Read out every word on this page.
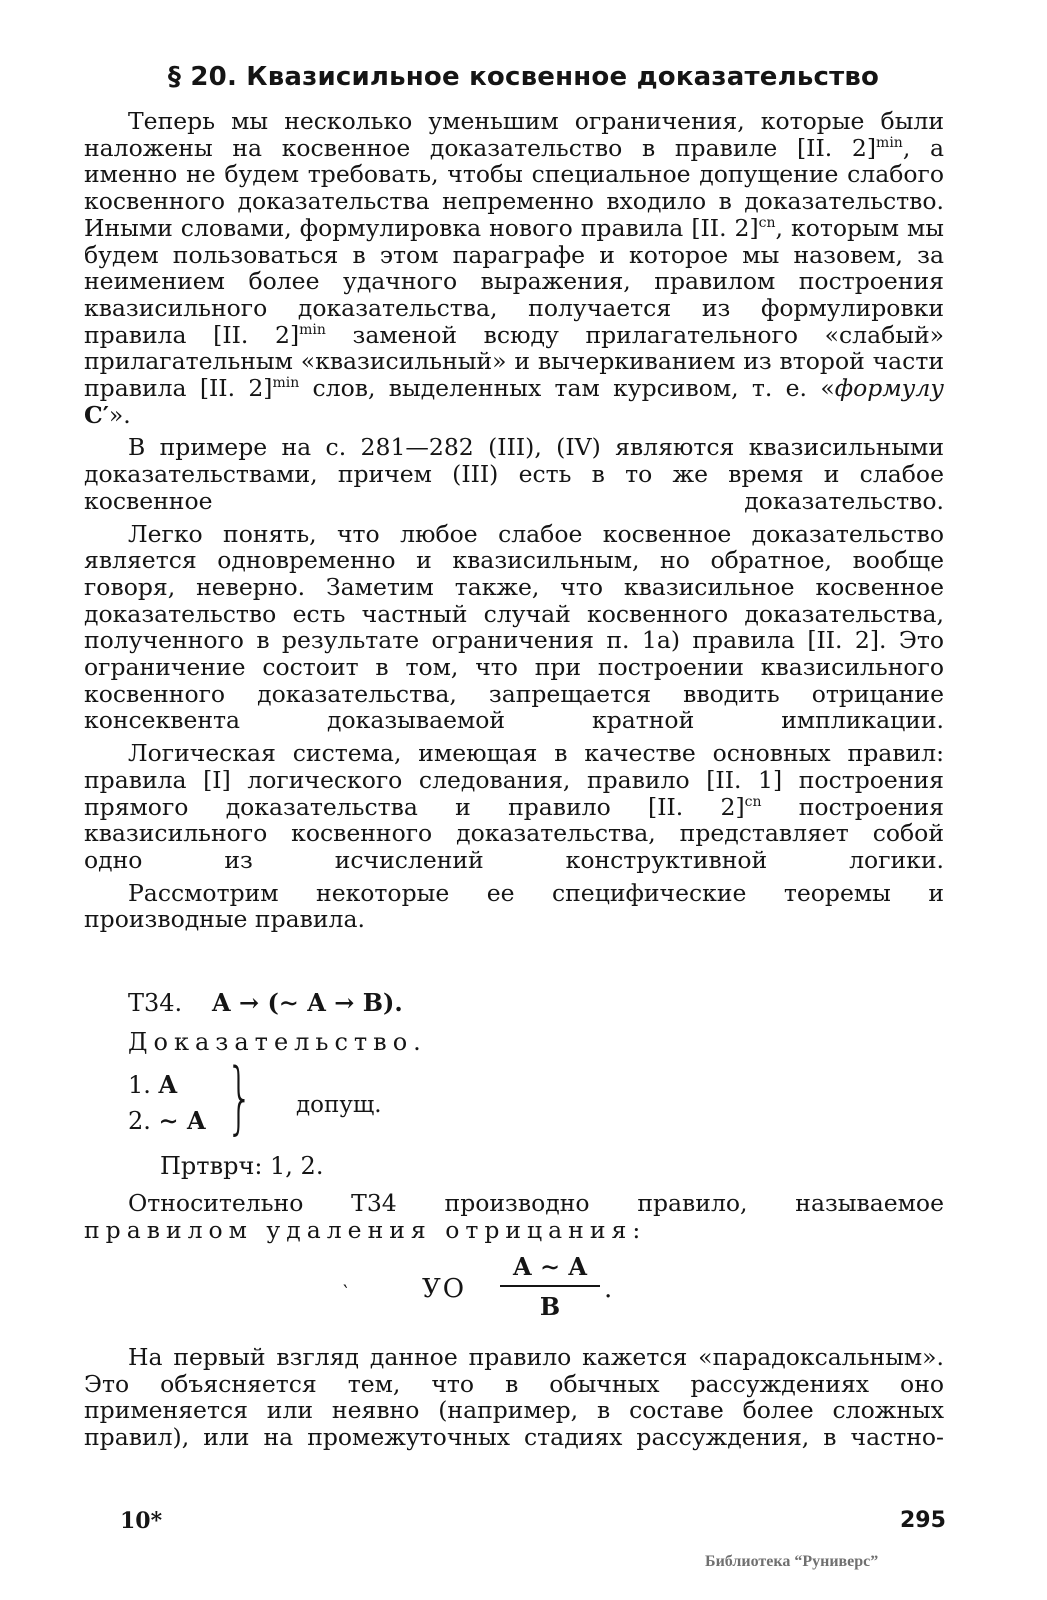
§ 20. Квазисильное косвенное доказательство

Теперь мы несколько уменьшим ограничения, которые были наложены на косвенное доказательство в правиле [II. 2]$^{min}$, а именно не будем требовать, чтобы специальное допущение слабого косвенного доказательства непременно входило в доказательство. Иными словами, формулировка нового правила [II. 2]$^{cn}$, которым мы будем пользоваться в этом параграфе и которое мы назовем, за неимением более удачного выражения, правилом построения квазисильного доказательства, получается из формулировки правила [II. 2]$^{min}$ заменой всюду прилагательного «слабый» прилагательным «квазисильный» и вычеркиванием из второй части правила [II. 2]$^{min}$ слов, выделенных там курсивом, т. е. «формулу C′».

В примере на с. 281—282 (III), (IV) являются квазисильными доказательствами, причем (III) есть в то же время и слабое косвенное доказательство.

Легко понять, что любое слабое косвенное доказательство является одновременно и квазисильным, но обратное, вообще говоря, неверно. Заметим также, что квазисильное косвенное доказательство есть частный случай косвенного доказательства, полученного в результате ограничения п. 1a) правила [II. 2]. Это ограничение состоит в том, что при построении квазисильного косвенного доказательства, запрещается вводить отрицание консеквента доказываемой кратной импликации.

Логическая система, имеющая в качестве основных правил: правила [I] логического следования, правило [II. 1] построения прямого доказательства и правило [II. 2]$^{cn}$ построения квазисильного косвенного доказательства, представляет собой одно из исчислений конструктивной логики.

Рассмотрим некоторые ее специфические теоремы и производные правила.

Т34. A → (∼ A → B).
Доказательство.
1. A
2. ∼ A } допущ.
Пртврч: 1, 2.

Относительно Т34 производно правило, называемое правилом удаления отрицания:

‵	УО
A ∼ A
B
.

На первый взгляд данное правило кажется «парадоксальным». Это объясняется тем, что в обычных рассуждениях оно применяется или неявно (например, в составе более сложных правил), или на промежуточных стадиях рассуждения, в частно-

10*	295
Библиотека “Руниверс”
